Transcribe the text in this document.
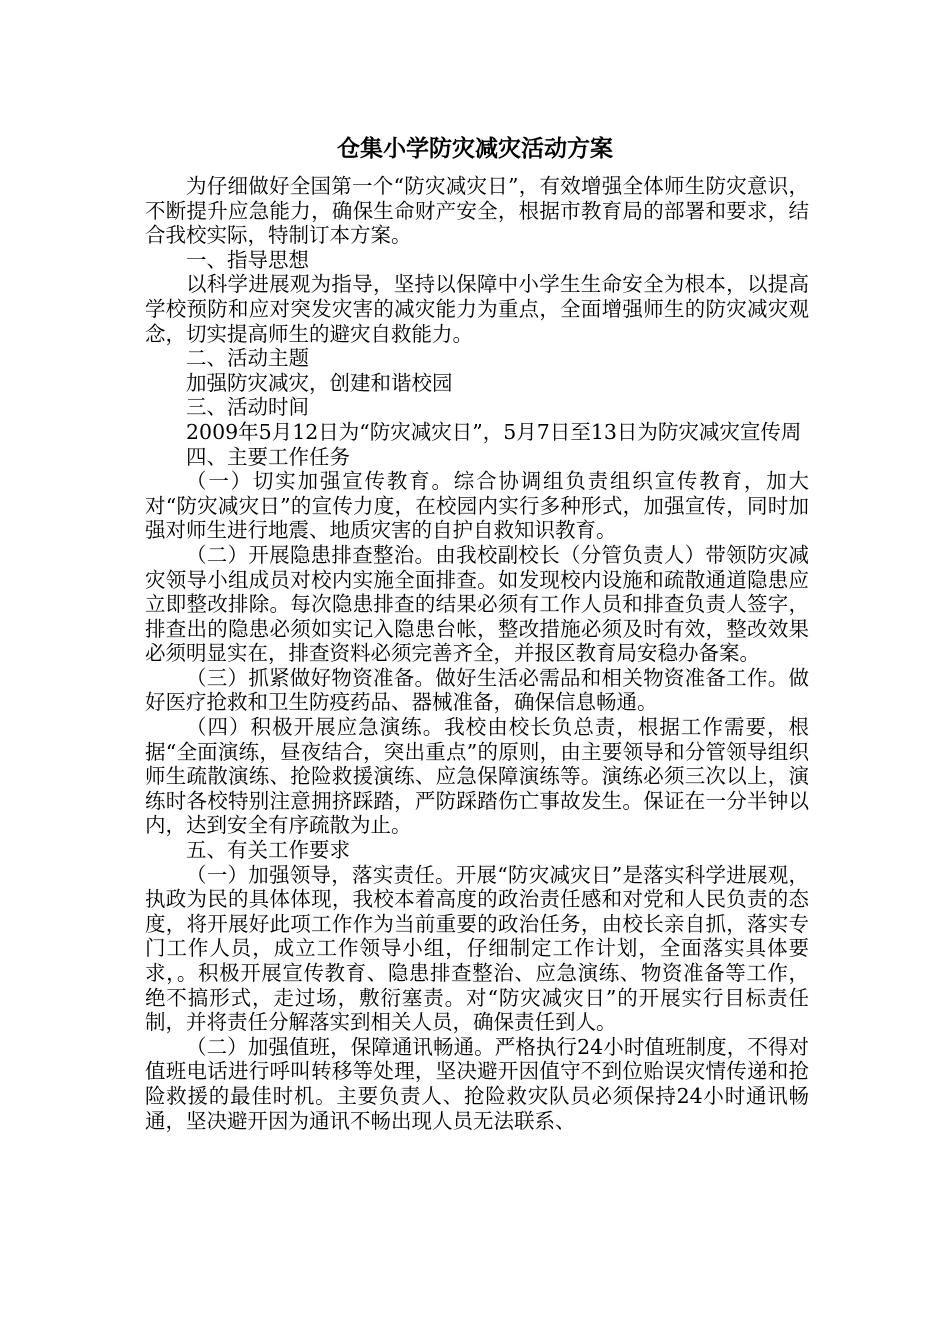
仓集小学防灾减灾活动方案

为仔细做好全国第一个“防灾减灾日”，有效增强全体师生防灾意识，不断提升应急能力，确保生命财产安全，根据市教育局的部署和要求，结合我校实际，特制订本方案。

一、指导思想

以科学进展观为指导，坚持以保障中小学生生命安全为根本，以提高学校预防和应对突发灾害的减灾能力为重点，全面增强师生的防灾减灾观念，切实提高师生的避灾自救能力。

二、活动主题

加强防灾减灾，创建和谐校园

三、活动时间

2009年5月12日为“防灾减灾日”，5月7日至13日为防灾减灾宣传周

四、主要工作任务

（一）切实加强宣传教育。综合协调组负责组织宣传教育，加大对“防灾减灾日”的宣传力度，在校园内实行多种形式，加强宣传，同时加强对师生进行地震、地质灾害的自护自救知识教育。

（二）开展隐患排查整治。由我校副校长（分管负责人）带领防灾减灾领导小组成员对校内实施全面排查。如发现校内设施和疏散通道隐患应立即整改排除。每次隐患排查的结果必须有工作人员和排查负责人签字，排查出的隐患必须如实记入隐患台帐，整改措施必须及时有效，整改效果必须明显实在，排查资料必须完善齐全，并报区教育局安稳办备案。

（三）抓紧做好物资准备。做好生活必需品和相关物资准备工作。做好医疗抢救和卫生防疫药品、器械准备，确保信息畅通。

（四）积极开展应急演练。我校由校长负总责，根据工作需要，根据“全面演练，昼夜结合，突出重点”的原则，由主要领导和分管领导组织师生疏散演练、抢险救援演练、应急保障演练等。演练必须三次以上，演练时各校特别注意拥挤踩踏，严防踩踏伤亡事故发生。保证在一分半钟以内，达到安全有序疏散为止。

五、有关工作要求

（一）加强领导，落实责任。开展“防灾减灾日”是落实科学进展观，执政为民的具体体现，我校本着高度的政治责任感和对党和人民负责的态度，将开展好此项工作作为当前重要的政治任务，由校长亲自抓，落实专门工作人员，成立工作领导小组，仔细制定工作计划，全面落实具体要求，。积极开展宣传教育、隐患排查整治、应急演练、物资准备等工作，绝不搞形式，走过场，敷衍塞责。对“防灾减灾日”的开展实行目标责任制，并将责任分解落实到相关人员，确保责任到人。

（二）加强值班，保障通讯畅通。严格执行24小时值班制度，不得对值班电话进行呼叫转移等处理，坚决避开因值守不到位贻误灾情传递和抢险救援的最佳时机。主要负责人、抢险救灾队员必须保持24小时通讯畅通，坚决避开因为通讯不畅出现人员无法联系、
